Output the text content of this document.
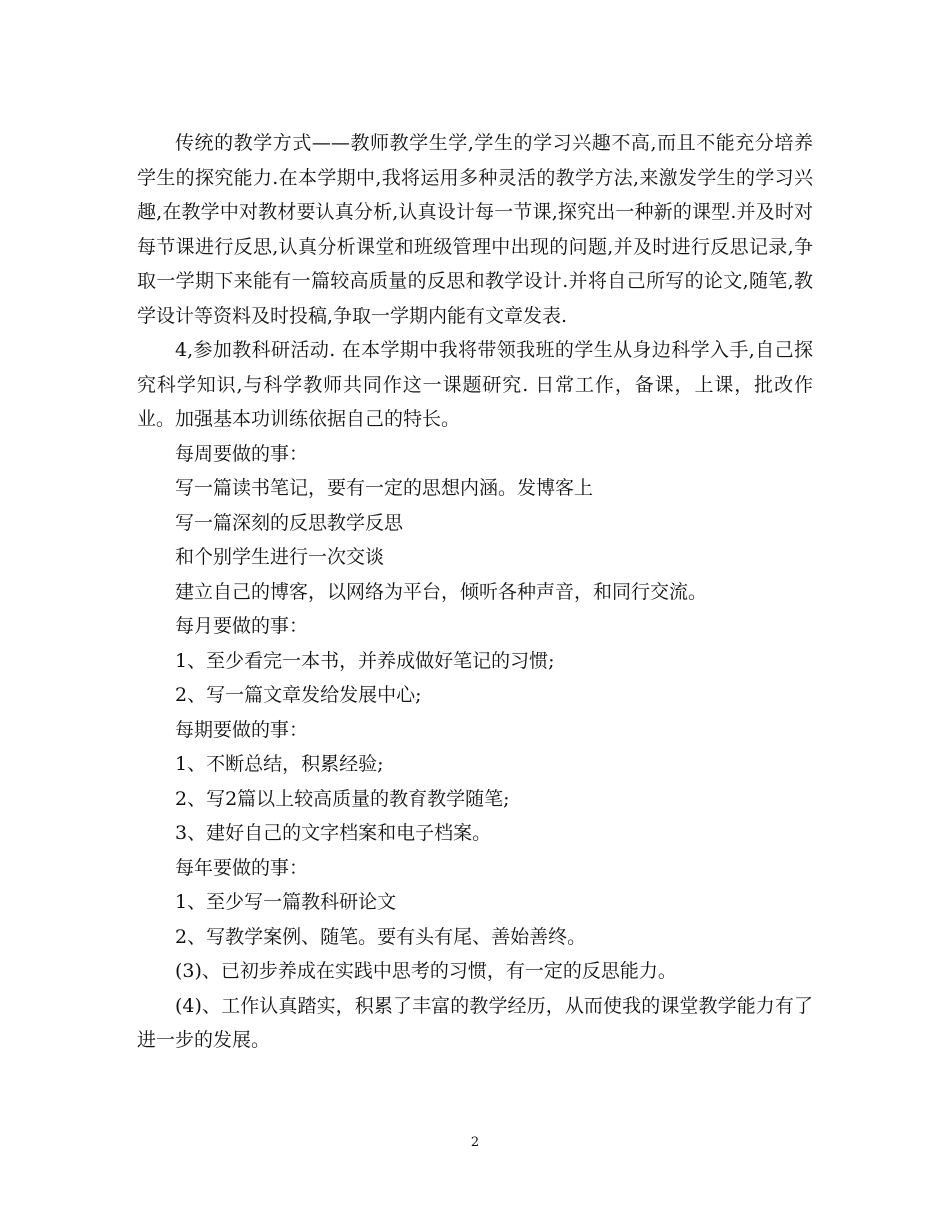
传统的教学方式——教师教学生学,学生的学习兴趣不高,而且不能充分培养学生的探究能力.在本学期中,我将运用多种灵活的教学方法,来激发学生的学习兴趣,在教学中对教材要认真分析,认真设计每一节课,探究出一种新的课型.并及时对每节课进行反思,认真分析课堂和班级管理中出现的问题,并及时进行反思记录,争取一学期下来能有一篇较高质量的反思和教学设计.并将自己所写的论文,随笔,教学设计等资料及时投稿,争取一学期内能有文章发表.

4,参加教科研活动. 在本学期中我将带领我班的学生从身边科学入手,自己探究科学知识,与科学教师共同作这一课题研究. 日常工作，备课，上课，批改作业。加强基本功训练依据自己的特长。

每周要做的事：

写一篇读书笔记，要有一定的思想内涵。发博客上

写一篇深刻的反思教学反思

和个别学生进行一次交谈

建立自己的博客，以网络为平台，倾听各种声音，和同行交流。

每月要做的事：

1、至少看完一本书，并养成做好笔记的习惯;

2、写一篇文章发给发展中心;

每期要做的事：

1、不断总结，积累经验;

2、写2篇以上较高质量的教育教学随笔;

3、建好自己的文字档案和电子档案。

每年要做的事：

1、至少写一篇教科研论文

2、写教学案例、随笔。要有头有尾、善始善终。

(3)、已初步养成在实践中思考的习惯，有一定的反思能力。

(4)、工作认真踏实，积累了丰富的教学经历，从而使我的课堂教学能力有了进一步的发展。

2
